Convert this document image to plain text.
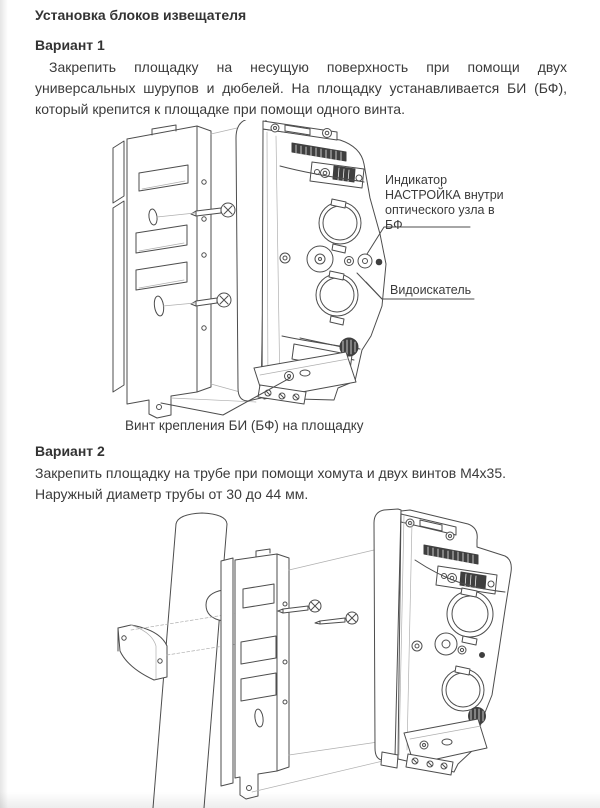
Установка блоков извещателя
Вариант 1

Закрепить площадку на несущую поверхность при помощи двух универсальных шурупов и дюбелей. На площадку устанавливается БИ (БФ), который крепится к площадке при помощи одного винта.

Индикатор НАСТРОЙКА внутри оптического узла в БФ
Видоискатель
Винт крепления БИ (БФ) на площадку
Вариант 2

Закрепить площадку на трубе при помощи хомута и двух винтов М4х35.
Наружный диаметр трубы от 30 до 44 мм.
